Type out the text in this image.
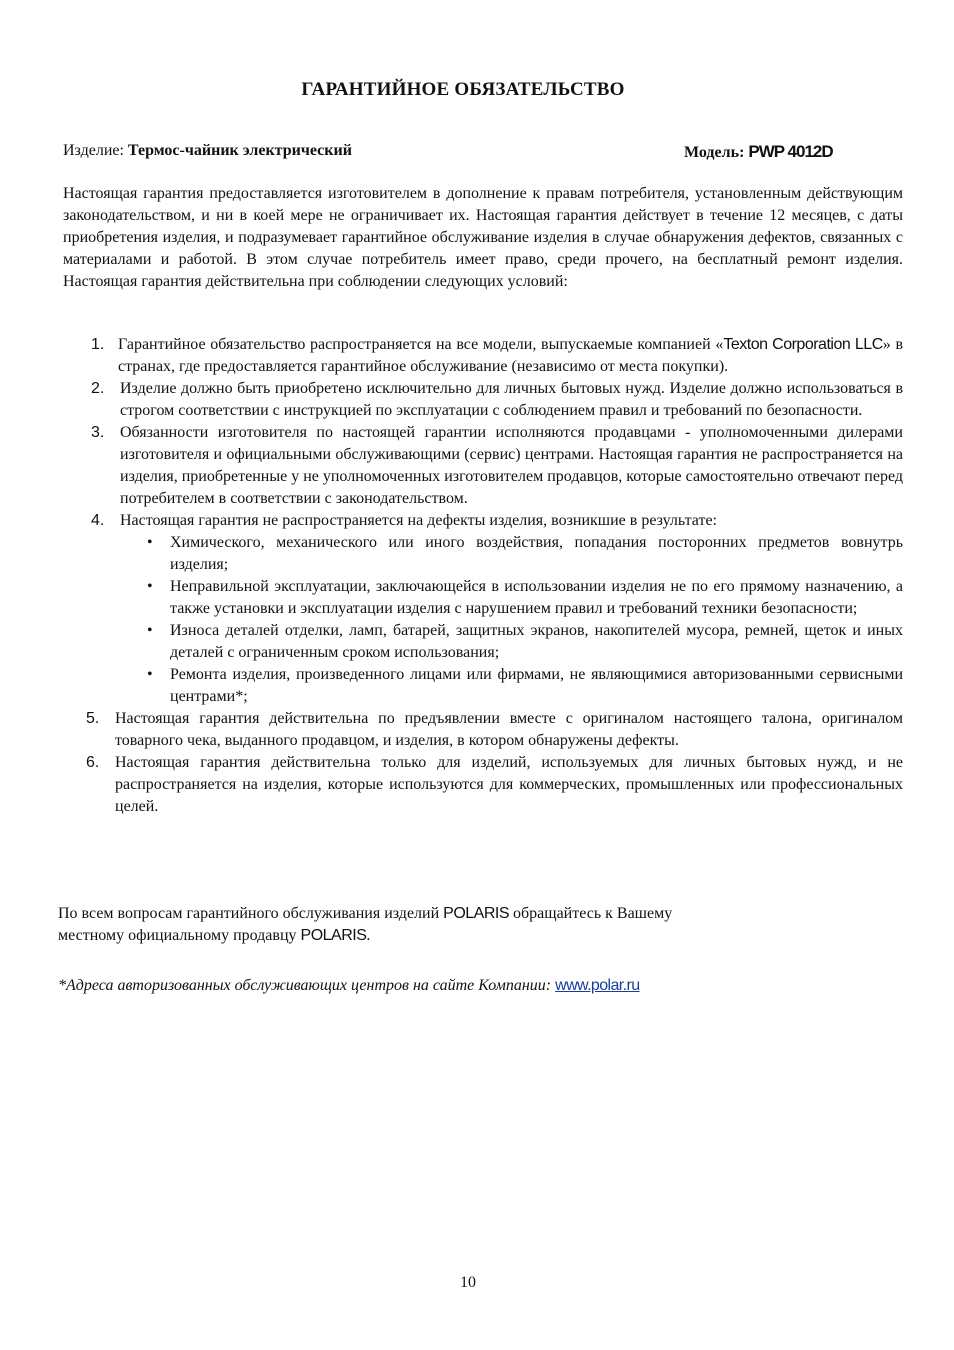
ГАРАНТИЙНОЕ ОБЯЗАТЕЛЬСТВО
Изделие: Термос-чайник электрический	Модель: PWP 4012D
Настоящая гарантия предоставляется изготовителем в дополнение к правам потребителя, установленным действующим законодательством, и ни в коей мере не ограничивает их. Настоящая гарантия действует в течение 12 месяцев, с даты приобретения изделия, и подразумевает гарантийное обслуживание изделия в случае обнаружения дефектов, связанных с материалами и работой. В этом случае потребитель имеет право, среди прочего, на бесплатный ремонт изделия. Настоящая гарантия действительна при соблюдении следующих условий:
1. Гарантийное обязательство распространяется на все модели, выпускаемые компанией «Texton Corporation LLC» в странах, где предоставляется гарантийное обслуживание (независимо от места покупки).
2. Изделие должно быть приобретено исключительно для личных бытовых нужд. Изделие должно использоваться в строгом соответствии с инструкцией по эксплуатации с соблюдением правил и требований по безопасности.
3. Обязанности изготовителя по настоящей гарантии исполняются продавцами - уполномоченными дилерами изготовителя и официальными обслуживающими (сервис) центрами. Настоящая гарантия не распространяется на изделия, приобретенные у не уполномоченных изготовителем продавцов, которые самостоятельно отвечают перед потребителем в соответствии с законодательством.
4. Настоящая гарантия не распространяется на дефекты изделия, возникшие в результате:
• Химического, механического или иного воздействия, попадания посторонних предметов вовнутрь изделия;
• Неправильной эксплуатации, заключающейся в использовании изделия не по его прямому назначению, а также установки и эксплуатации изделия с нарушением правил и требований техники безопасности;
• Износа деталей отделки, ламп, батарей, защитных экранов, накопителей мусора, ремней, щеток и иных деталей с ограниченным сроком использования;
• Ремонта изделия, произведенного лицами или фирмами, не являющимися авторизованными сервисными центрами*;
5. Настоящая гарантия действительна по предъявлении вместе с оригиналом настоящего талона, оригиналом товарного чека, выданного продавцом, и изделия, в котором обнаружены дефекты.
6. Настоящая гарантия действительна только для изделий, используемых для личных бытовых нужд, и не распространяется на изделия, которые используются для коммерческих, промышленных или профессиональных целей.
По всем вопросам гарантийного обслуживания изделий POLARIS обращайтесь к Вашему
местному официальному продавцу POLARIS.
*Адреса авторизованных обслуживающих центров на сайте Компании: www.polar.ru
10
